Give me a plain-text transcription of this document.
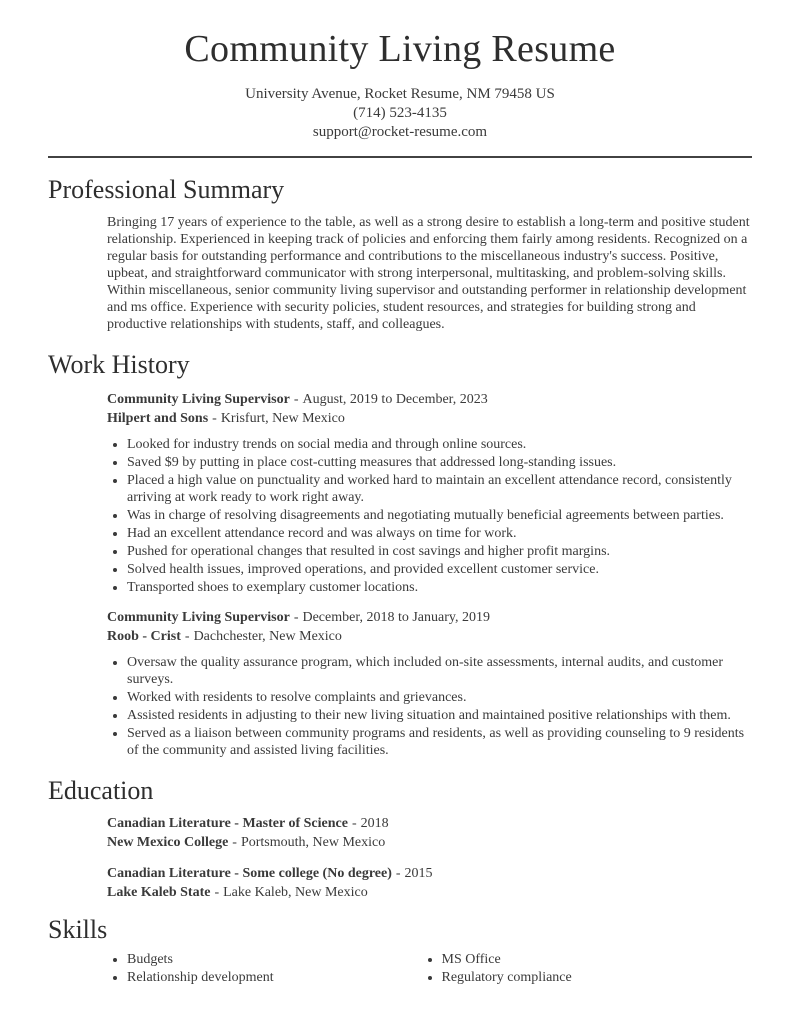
Community Living Resume
University Avenue, Rocket Resume, NM 79458 US
(714) 523-4135
support@rocket-resume.com
Professional Summary

Bringing 17 years of experience to the table, as well as a strong desire to establish a long-term and positive student relationship. Experienced in keeping track of policies and enforcing them fairly among residents. Recognized on a regular basis for outstanding performance and contributions to the miscellaneous industry's success. Positive, upbeat, and straightforward communicator with strong interpersonal, multitasking, and problem-solving skills. Within miscellaneous, senior community living supervisor and outstanding performer in relationship development and ms office. Experience with security policies, student resources, and strategies for building strong and productive relationships with students, staff, and colleagues.

Work History
Community Living Supervisor - August, 2019 to December, 2023
Hilpert and Sons - Krisfurt, New Mexico
• Looked for industry trends on social media and through online sources.
• Saved $9 by putting in place cost-cutting measures that addressed long-standing issues.
• Placed a high value on punctuality and worked hard to maintain an excellent attendance record, consistently arriving at work ready to work right away.
• Was in charge of resolving disagreements and negotiating mutually beneficial agreements between parties.
• Had an excellent attendance record and was always on time for work.
• Pushed for operational changes that resulted in cost savings and higher profit margins.
• Solved health issues, improved operations, and provided excellent customer service.
• Transported shoes to exemplary customer locations.
Community Living Supervisor - December, 2018 to January, 2019
Roob - Crist - Dachchester, New Mexico
• Oversaw the quality assurance program, which included on-site assessments, internal audits, and customer surveys.
• Worked with residents to resolve complaints and grievances.
• Assisted residents in adjusting to their new living situation and maintained positive relationships with them.
• Served as a liaison between community programs and residents, as well as providing counseling to 9 residents of the community and assisted living facilities.
Education
Canadian Literature - Master of Science - 2018
New Mexico College - Portsmouth, New Mexico
Canadian Literature - Some college (No degree) - 2015
Lake Kaleb State - Lake Kaleb, New Mexico
Skills
• Budgets
• Relationship development
• MS Office
• Regulatory compliance
